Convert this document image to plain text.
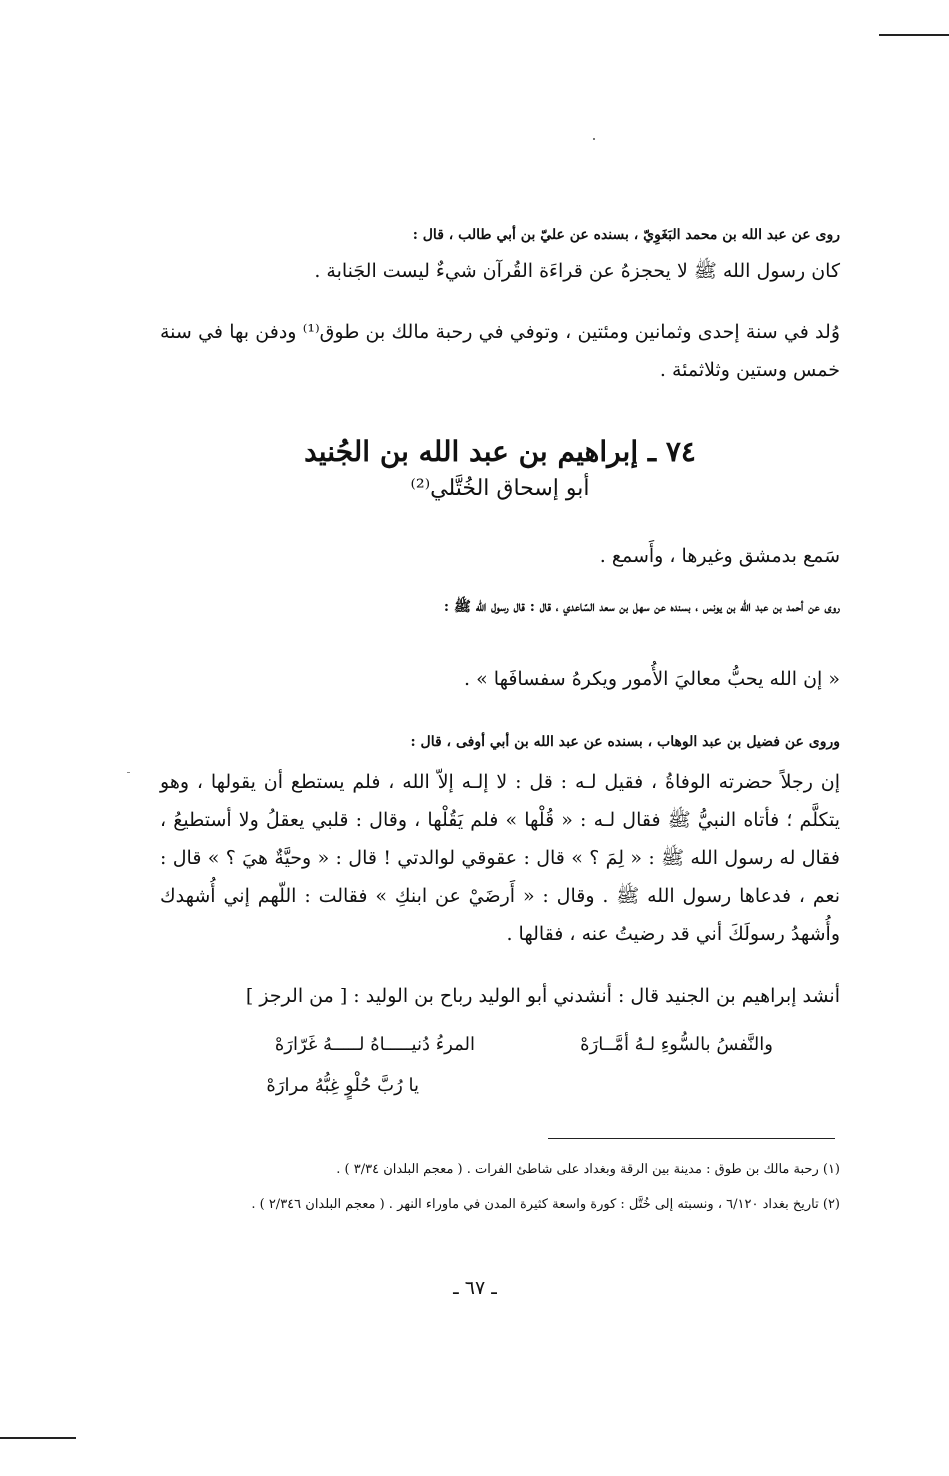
روى عن عبد الله بن محمد البَغَوِيّ ، بسنده عن عليّ بن أبي طالب ، قال :
كان رسول الله ﷺ لا يحجزهُ عن قراءَة القُرآن شيءٌ ليست الجَنابة .
وُلد في سنة إحدى وثمانين ومئتين ، وتوفي في رحبة مالك بن طوق⁽¹⁾ ودفن بها في سنة خمس وستين وثلاثمئة .
٧٤ ـ إبراهيم بن عبد الله بن الجُنيد
أبو إسحاق الخُتَّلي⁽²⁾
سَمع بدمشق وغيرها ، وأَسمع .
روى عن أحمد بن عبد الله بن يونس ، بسنده عن سهل بن سعد السّاعدي ، قال : قال رسول الله ﷺ :
« إن الله يحبُّ معاليَ الأُمور ويكرهُ سفسافَها » .
وروى عن فضيل بن عبد الوهاب ، بسنده عن عبد الله بن أبي أوفى ، قال :
إن رجلاً حضرته الوفاةُ ، فقيل لـه : قل : لا إلـه إلاّ الله ، فلم يستطع أن يقولها ، وهو يتكلَّم ؛ فأتاه النبيُّ ﷺ فقال لـه : « قُلْها » فلم يَقُلْها ، وقال : قلبي يعقلُ ولا أستطيعُ ، فقال له رسول الله ﷺ : « لِمَ ؟ » قال : عقوقي لوالدتي ! قال : « وحيَّةٌ هيَ ؟ » قال : نعم ، فدعاها رسول الله ﷺ . وقال : « أَرضَيْ عن ابنكِ » فقالت : اللّهم إني أُشهدك وأُشهدُ رسولَكَ أني قد رضيتُ عنه ، فقالها .
أنشد إبراهيم بن الجنيد قال : أنشدني أبو الوليد رباح بن الوليد : [ من الرجز ]
المرءُ دُنيـــــاهُ لـــــهُ غَرّارَهْ	والنَّفسُ بالسُّوءِ لـهُ أمَّــارَهْ
يا رُبَّ حُلْوٍ غِبُّهُ مرارَهْ
(١) رحبة مالك بن طوق : مدينة بين الرقة وبغداد على شاطئ الفرات . ( معجم البلدان ٣/٣٤ ) .
(٢) تاريخ بغداد ٦/١٢٠ ، ونسبته إلى خُتَّل : كورة واسعة كثيرة المدن في ماوراء النهر . ( معجم البلدان ٢/٣٤٦ ) .
ـ ٦٧ ـ
